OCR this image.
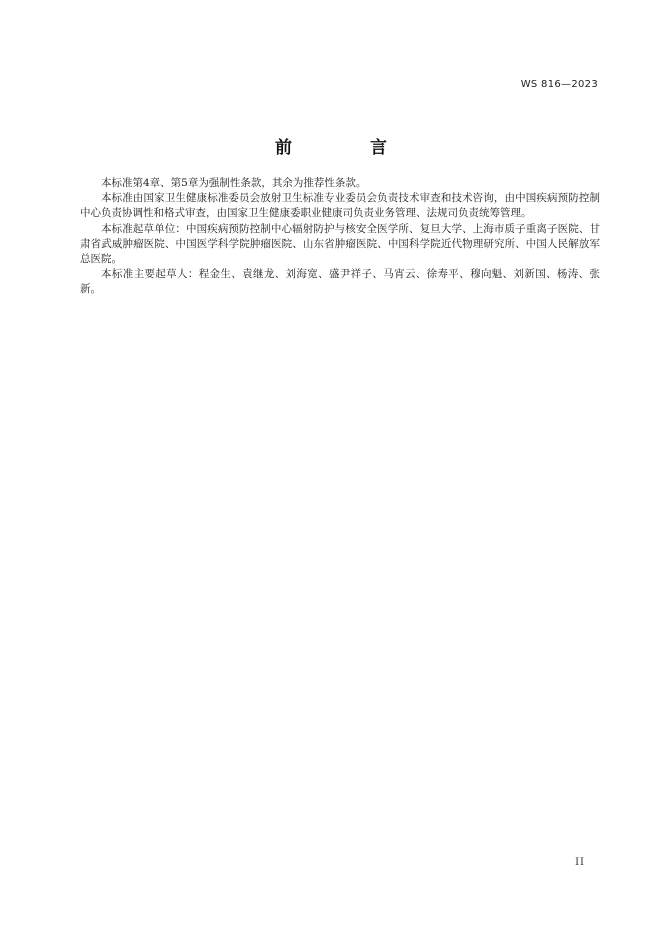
WS 816—2023
前 言

本标准第4章、第5章为强制性条款，其余为推荐性条款。

本标准由国家卫生健康标准委员会放射卫生标准专业委员会负责技术审查和技术咨询，由中国疾病预防控制中心负责协调性和格式审查，由国家卫生健康委职业健康司负责业务管理、法规司负责统筹管理。

本标准起草单位：中国疾病预防控制中心辐射防护与核安全医学所、复旦大学、上海市质子重离子医院、甘肃省武威肿瘤医院、中国医学科学院肿瘤医院、山东省肿瘤医院、中国科学院近代物理研究所、中国人民解放军总医院。

本标准主要起草人：程金生、袁继龙、刘海宽、盛尹祥子、马宵云、徐寿平、穆向魁、刘新国、杨涛、张新。

II
